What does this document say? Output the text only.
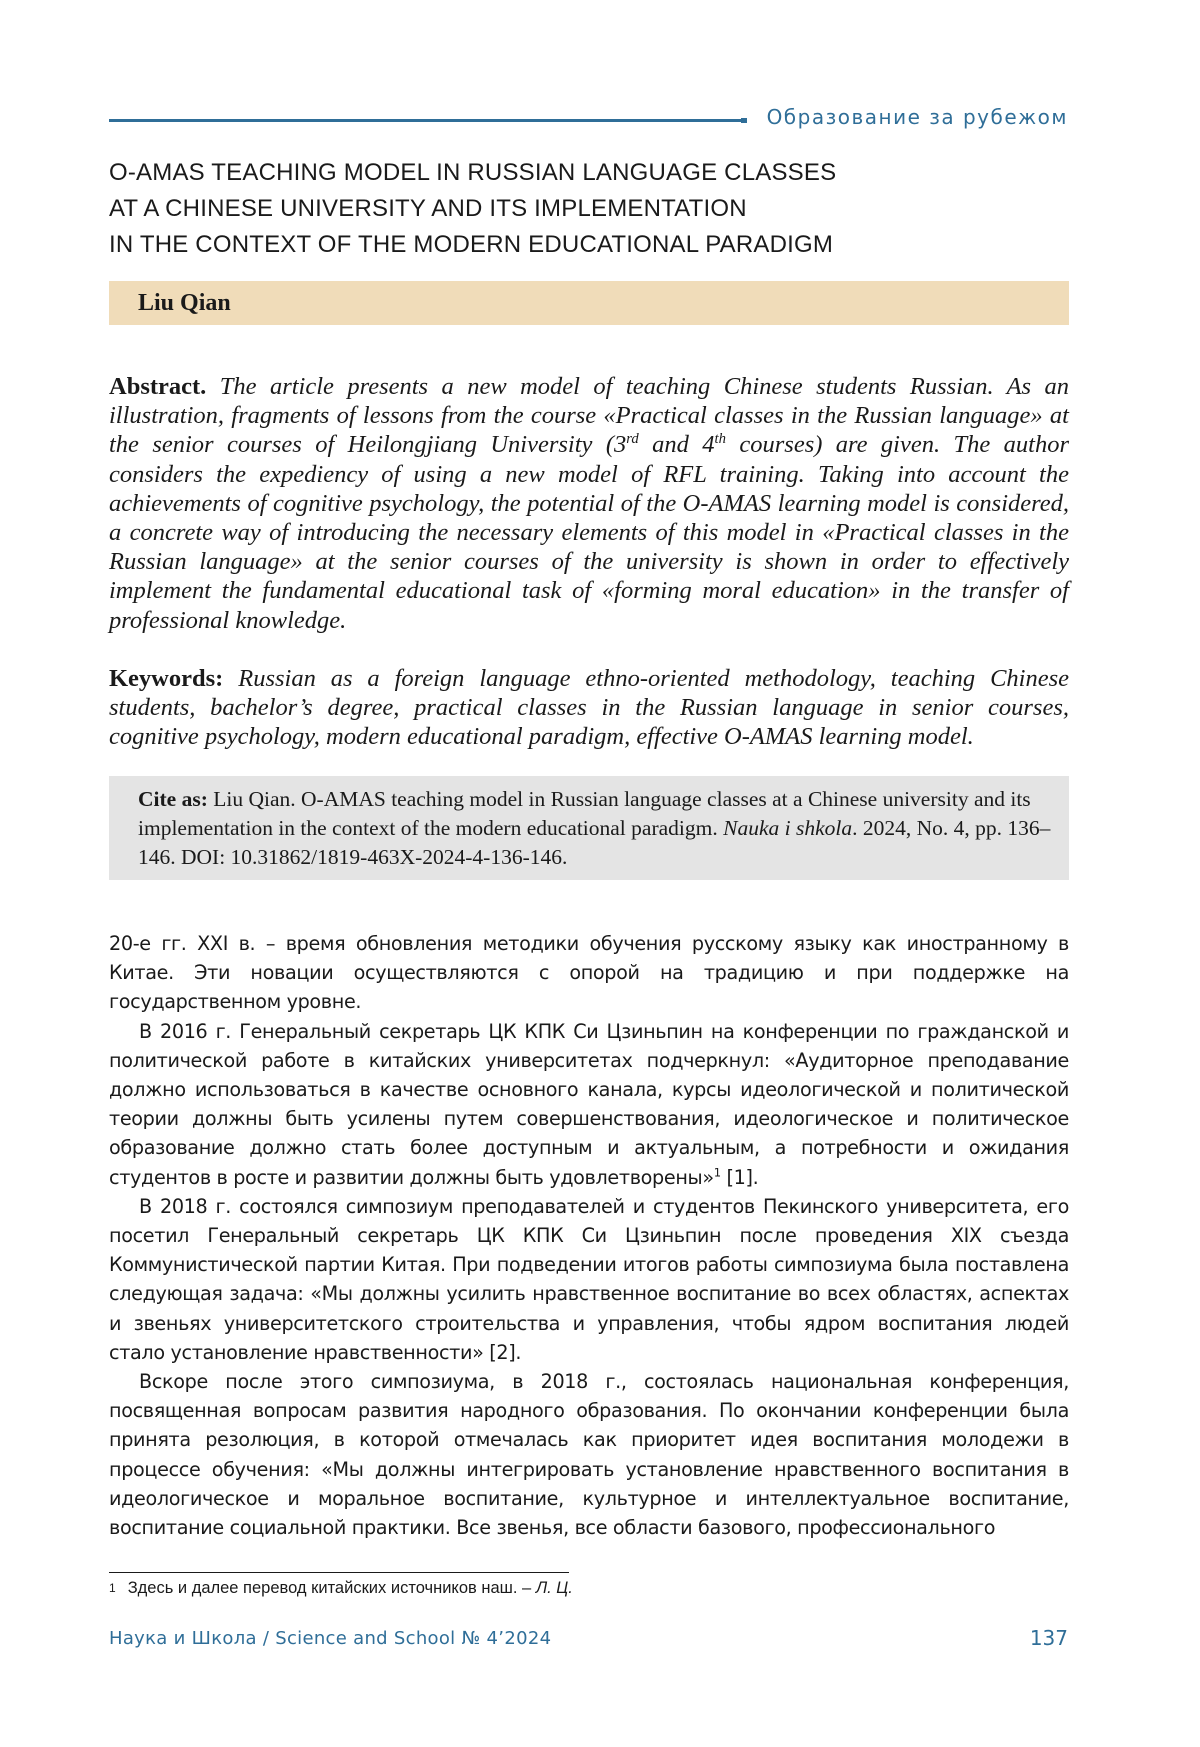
Образование за рубежом
O-AMAS TEACHING MODEL IN RUSSIAN LANGUAGE CLASSES
AT A CHINESE UNIVERSITY AND ITS IMPLEMENTATION
IN THE CONTEXT OF THE MODERN EDUCATIONAL PARADIGM
Liu Qian
Abstract. The article presents a new model of teaching Chinese students Russian. As an illustration, fragments of lessons from the course «Practical classes in the Russian language» at the senior courses of Heilongjiang University (3rd and 4th courses) are given. The author considers the expediency of using a new model of RFL training. Taking into account the achievements of cognitive psychology, the potential of the O-AMAS learning model is considered, a concrete way of introducing the necessary elements of this model in «Practical classes in the Russian language» at the senior courses of the university is shown in order to effectively implement the fundamental educational task of «forming moral education» in the transfer of professional knowledge.
Keywords: Russian as a foreign language ethno-oriented methodology, teaching Chinese students, bachelor’s degree, practical classes in the Russian language in senior courses, cognitive psychology, modern educational paradigm, effective O-AMAS learning model.
Cite as: Liu Qian. O-AMAS teaching model in Russian language classes at a Chinese university and its implementation in the context of the modern educational paradigm. Nauka i shkola. 2024, No. 4, pp. 136–146. DOI: 10.31862/1819-463X-2024-4-136-146.

20-е гг. XXI в. – время обновления методики обучения русскому языку как иностранному в Китае. Эти новации осуществляются с опорой на традицию и при поддержке на государственном уровне.

В 2016 г. Генеральный секретарь ЦК КПК Си Цзиньпин на конференции по гражданской и политической работе в китайских университетах подчеркнул: «Аудиторное преподавание должно использоваться в качестве основного канала, курсы идеологической и политической теории должны быть усилены путем совершенствования, идеологическое и политическое образование должно стать более доступным и актуальным, а потребности и ожидания студентов в росте и развитии должны быть удовлетворены»$^1$ [1].

В 2018 г. состоялся симпозиум преподавателей и студентов Пекинского университета, его посетил Генеральный секретарь ЦК КПК Си Цзиньпин после проведения XIX съезда Коммунистической партии Китая. При подведении итогов работы симпозиума была поставлена следующая задача: «Мы должны усилить нравственное воспитание во всех областях, аспектах и звеньях университетского строительства и управления, чтобы ядром воспитания людей стало установление нравственности» [2].

Вскоре после этого симпозиума, в 2018 г., состоялась национальная конференция, посвященная вопросам развития народного образования. По окончании конференции была принята резолюция, в которой отмечалась как приоритет идея воспитания молодежи в процессе обучения: «Мы должны интегрировать установление нравственного воспитания в идеологическое и моральное воспитание, культурное и интеллектуальное воспитание, воспитание социальной практики. Все звенья, все области базового, профессионального

$^1$ Здесь и далее перевод китайских источников наш. – Л. Ц.
Наука и Школа / Science and School № 4’2024	137
